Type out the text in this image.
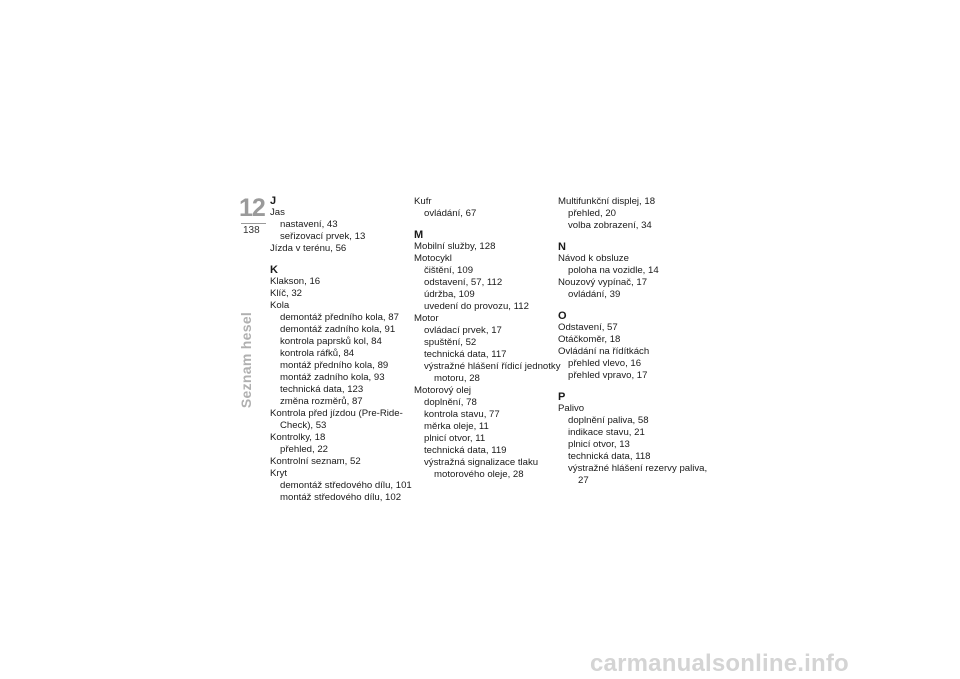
12
138
Seznam hesel
J
Jas
nastavení, 43
seřizovací prvek, 13
Jízda v terénu, 56
K
Klakson, 16
Klíč, 32
Kola
demontáž předního kola, 87
demontáž zadního kola, 91
kontrola paprsků kol, 84
kontrola ráfků, 84
montáž předního kola, 89
montáž zadního kola, 93
technická data, 123
změna rozměrů, 87
Kontrola před jízdou (Pre-Ride-Check), 53
Kontrolky, 18
přehled, 22
Kontrolní seznam, 52
Kryt
demontáž středového dílu, 101
montáž středového dílu, 102
Kufr
ovládání, 67
M
Mobilní služby, 128
Motocykl
čištění, 109
odstavení, 57, 112
údržba, 109
uvedení do provozu, 112
Motor
ovládací prvek, 17
spuštění, 52
technická data, 117
výstražné hlášení řídicí jednotky motoru, 28
Motorový olej
doplnění, 78
kontrola stavu, 77
měrka oleje, 11
plnicí otvor, 11
technická data, 119
výstražná signalizace tlaku motorového oleje, 28
Multifunkční displej, 18
přehled, 20
volba zobrazení, 34
N
Návod k obsluze
poloha na vozidle, 14
Nouzový vypínač, 17
ovládání, 39
O
Odstavení, 57
Otáčkoměr, 18
Ovládání na řídítkách
přehled vlevo, 16
přehled vpravo, 17
P
Palivo
doplnění paliva, 58
indikace stavu, 21
plnicí otvor, 13
technická data, 118
výstražné hlášení rezervy paliva, 27
carmanualsonline.info
